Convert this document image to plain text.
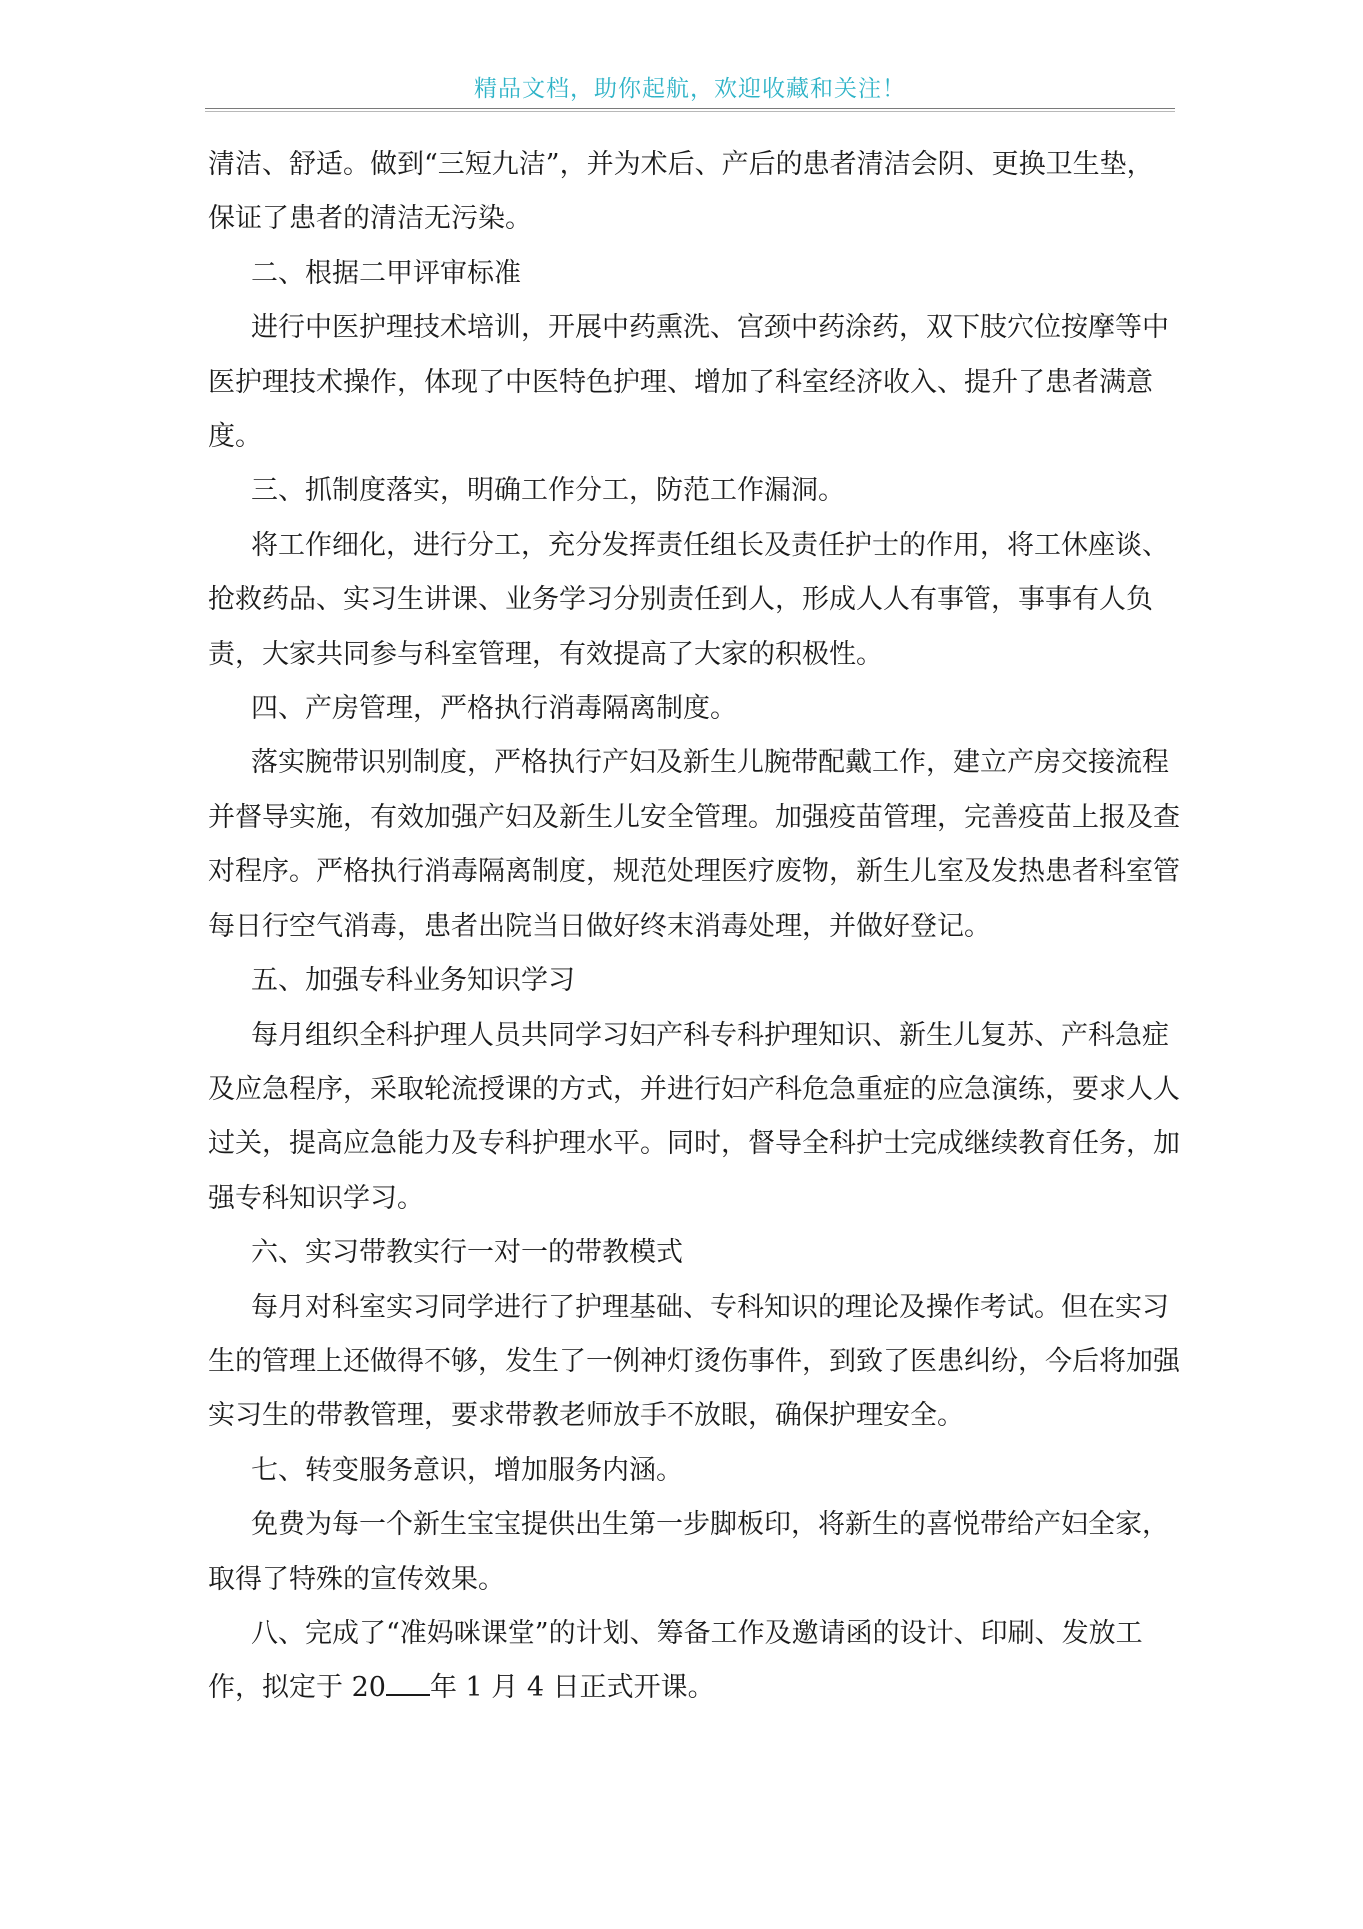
精品文档，助你起航，欢迎收藏和关注！

清洁、舒适。做到“三短九洁”，并为术后、产后的患者清洁会阴、更换卫生垫，保证了患者的清洁无污染。

二、根据二甲评审标准

进行中医护理技术培训，开展中药熏洗、宫颈中药涂药，双下肢穴位按摩等中医护理技术操作，体现了中医特色护理、增加了科室经济收入、提升了患者满意度。

三、抓制度落实，明确工作分工，防范工作漏洞。

将工作细化，进行分工，充分发挥责任组长及责任护士的作用，将工休座谈、抢救药品、实习生讲课、业务学习分别责任到人，形成人人有事管，事事有人负责，大家共同参与科室管理，有效提高了大家的积极性。

四、产房管理，严格执行消毒隔离制度。

落实腕带识别制度，严格执行产妇及新生儿腕带配戴工作，建立产房交接流程并督导实施，有效加强产妇及新生儿安全管理。加强疫苗管理，完善疫苗上报及查对程序。严格执行消毒隔离制度，规范处理医疗废物，新生儿室及发热患者科室管每日行空气消毒，患者出院当日做好终末消毒处理，并做好登记。

五、加强专科业务知识学习

每月组织全科护理人员共同学习妇产科专科护理知识、新生儿复苏、产科急症及应急程序，采取轮流授课的方式，并进行妇产科危急重症的应急演练，要求人人过关，提高应急能力及专科护理水平。同时，督导全科护士完成继续教育任务，加强专科知识学习。

六、实习带教实行一对一的带教模式

每月对科室实习同学进行了护理基础、专科知识的理论及操作考试。但在实习生的管理上还做得不够，发生了一例神灯烫伤事件，到致了医患纠纷，今后将加强实习生的带教管理，要求带教老师放手不放眼，确保护理安全。

七、转变服务意识，增加服务内涵。

免费为每一个新生宝宝提供出生第一步脚板印，将新生的喜悦带给产妇全家，取得了特殊的宣传效果。

八、完成了“准妈咪课堂”的计划、筹备工作及邀请函的设计、印刷、发放工作，拟定于 20 年 1 月 4 日正式开课。
